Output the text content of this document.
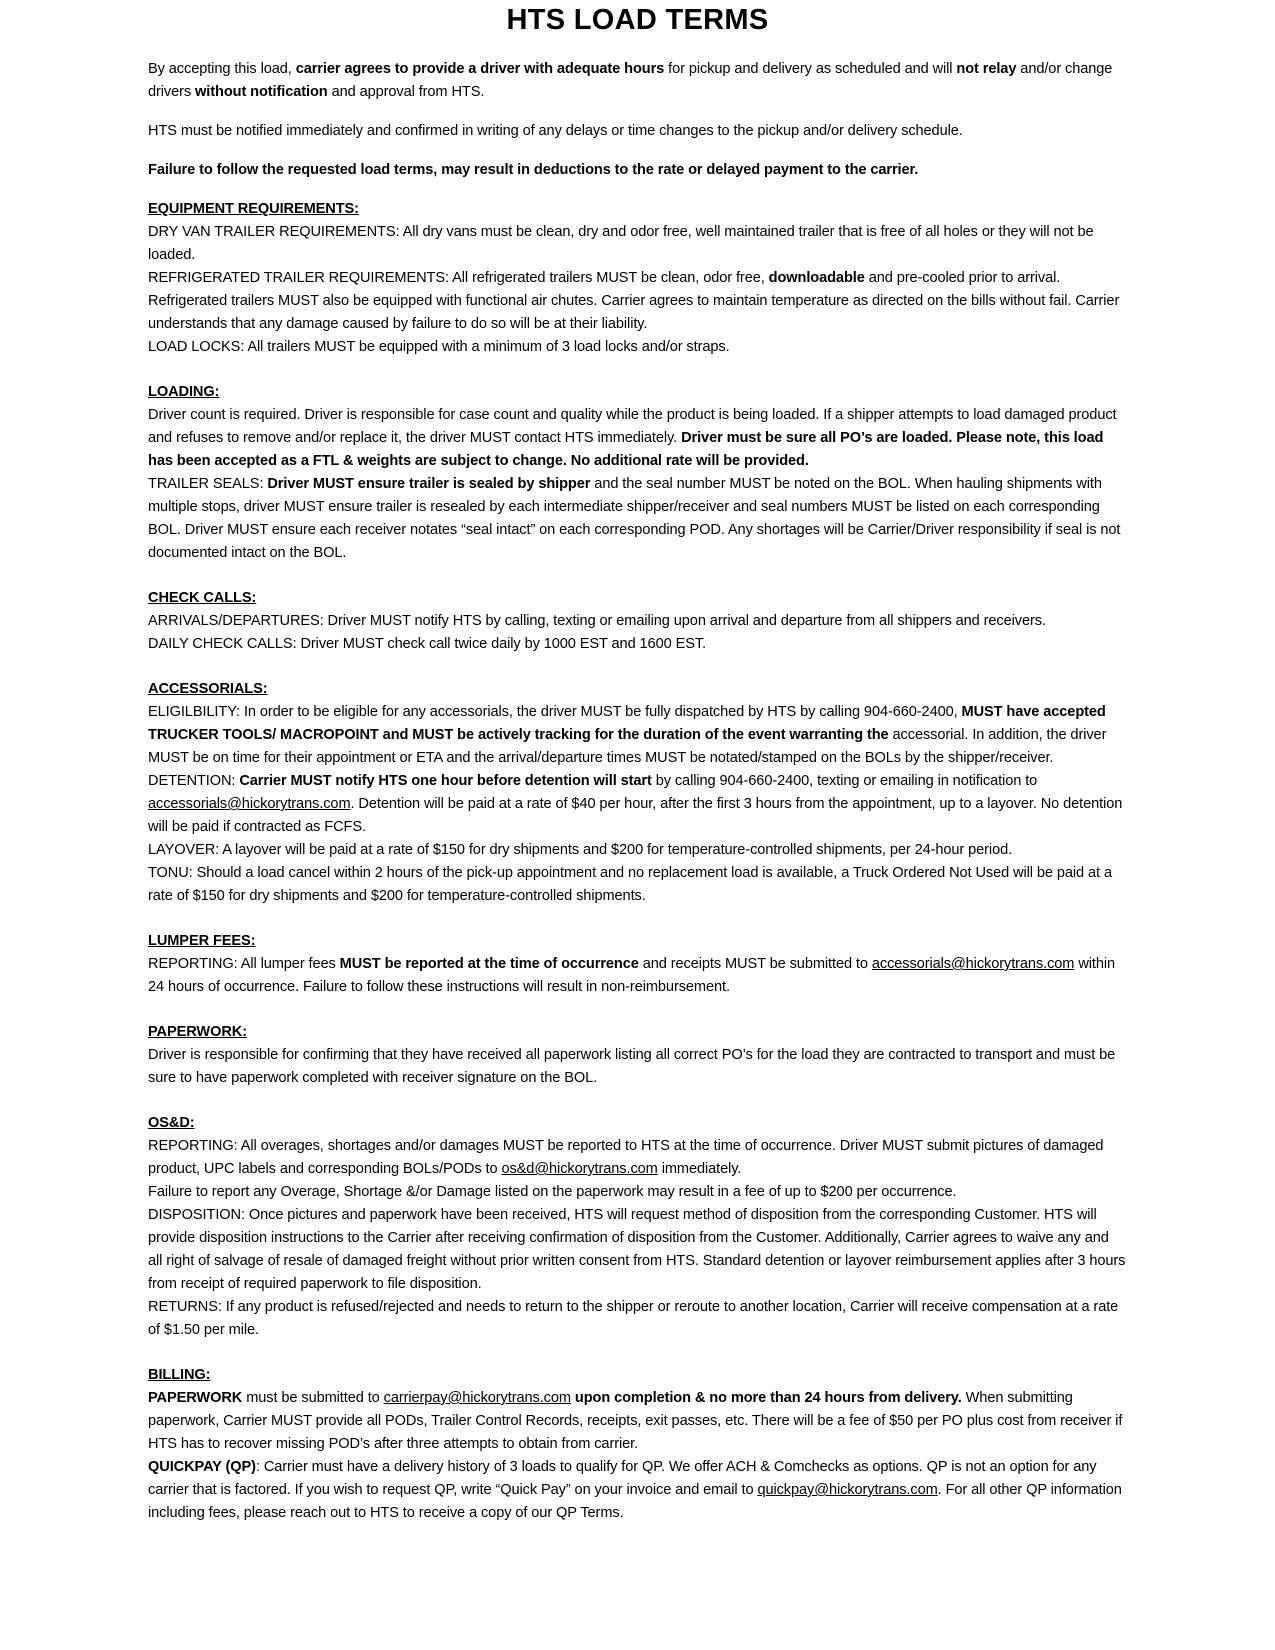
HTS LOAD TERMS

By accepting this load, carrier agrees to provide a driver with adequate hours for pickup and delivery as scheduled and will not relay and/or change drivers without notification and approval from HTS.

HTS must be notified immediately and confirmed in writing of any delays or time changes to the pickup and/or delivery schedule.

Failure to follow the requested load terms, may result in deductions to the rate or delayed payment to the carrier.

EQUIPMENT REQUIREMENTS:

DRY VAN TRAILER REQUIREMENTS: All dry vans must be clean, dry and odor free, well maintained trailer that is free of all holes or they will not be loaded.

REFRIGERATED TRAILER REQUIREMENTS: All refrigerated trailers MUST be clean, odor free, downloadable and pre-cooled prior to arrival. Refrigerated trailers MUST also be equipped with functional air chutes. Carrier agrees to maintain temperature as directed on the bills without fail. Carrier understands that any damage caused by failure to do so will be at their liability.

LOAD LOCKS: All trailers MUST be equipped with a minimum of 3 load locks and/or straps.

LOADING:

Driver count is required. Driver is responsible for case count and quality while the product is being loaded. If a shipper attempts to load damaged product and refuses to remove and/or replace it, the driver MUST contact HTS immediately. Driver must be sure all PO’s are loaded. Please note, this load has been accepted as a FTL & weights are subject to change. No additional rate will be provided.

TRAILER SEALS: Driver MUST ensure trailer is sealed by shipper and the seal number MUST be noted on the BOL. When hauling shipments with multiple stops, driver MUST ensure trailer is resealed by each intermediate shipper/receiver and seal numbers MUST be listed on each corresponding BOL. Driver MUST ensure each receiver notates “seal intact” on each corresponding POD. Any shortages will be Carrier/Driver responsibility if seal is not documented intact on the BOL.

CHECK CALLS:

ARRIVALS/DEPARTURES: Driver MUST notify HTS by calling, texting or emailing upon arrival and departure from all shippers and receivers.

DAILY CHECK CALLS: Driver MUST check call twice daily by 1000 EST and 1600 EST.

ACCESSORIALS:

ELIGILBILITY: In order to be eligible for any accessorials, the driver MUST be fully dispatched by HTS by calling 904-660-2400, MUST have accepted TRUCKER TOOLS/ MACROPOINT and MUST be actively tracking for the duration of the event warranting the accessorial. In addition, the driver MUST be on time for their appointment or ETA and the arrival/departure times MUST be notated/stamped on the BOLs by the shipper/receiver.

DETENTION: Carrier MUST notify HTS one hour before detention will start by calling 904-660-2400, texting or emailing in notification to accessorials@hickorytrans.com. Detention will be paid at a rate of $40 per hour, after the first 3 hours from the appointment, up to a layover. No detention will be paid if contracted as FCFS.

LAYOVER: A layover will be paid at a rate of $150 for dry shipments and $200 for temperature-controlled shipments, per 24-hour period.

TONU: Should a load cancel within 2 hours of the pick-up appointment and no replacement load is available, a Truck Ordered Not Used will be paid at a rate of $150 for dry shipments and $200 for temperature-controlled shipments.

LUMPER FEES:

REPORTING: All lumper fees MUST be reported at the time of occurrence and receipts MUST be submitted to accessorials@hickorytrans.com within 24 hours of occurrence. Failure to follow these instructions will result in non-reimbursement.

PAPERWORK:

Driver is responsible for confirming that they have received all paperwork listing all correct PO’s for the load they are contracted to transport and must be sure to have paperwork completed with receiver signature on the BOL.

OS&D:

REPORTING: All overages, shortages and/or damages MUST be reported to HTS at the time of occurrence. Driver MUST submit pictures of damaged product, UPC labels and corresponding BOLs/PODs to os&d@hickorytrans.com immediately.

Failure to report any Overage, Shortage &/or Damage listed on the paperwork may result in a fee of up to $200 per occurrence.

DISPOSITION: Once pictures and paperwork have been received, HTS will request method of disposition from the corresponding Customer. HTS will provide disposition instructions to the Carrier after receiving confirmation of disposition from the Customer. Additionally, Carrier agrees to waive any and all right of salvage of resale of damaged freight without prior written consent from HTS. Standard detention or layover reimbursement applies after 3 hours from receipt of required paperwork to file disposition.

RETURNS: If any product is refused/rejected and needs to return to the shipper or reroute to another location, Carrier will receive compensation at a rate of $1.50 per mile.

BILLING:

PAPERWORK must be submitted to carrierpay@hickorytrans.com upon completion & no more than 24 hours from delivery. When submitting paperwork, Carrier MUST provide all PODs, Trailer Control Records, receipts, exit passes, etc. There will be a fee of $50 per PO plus cost from receiver if HTS has to recover missing POD’s after three attempts to obtain from carrier.

QUICKPAY (QP): Carrier must have a delivery history of 3 loads to qualify for QP. We offer ACH & Comchecks as options. QP is not an option for any carrier that is factored. If you wish to request QP, write “Quick Pay” on your invoice and email to quickpay@hickorytrans.com. For all other QP information including fees, please reach out to HTS to receive a copy of our QP Terms.
